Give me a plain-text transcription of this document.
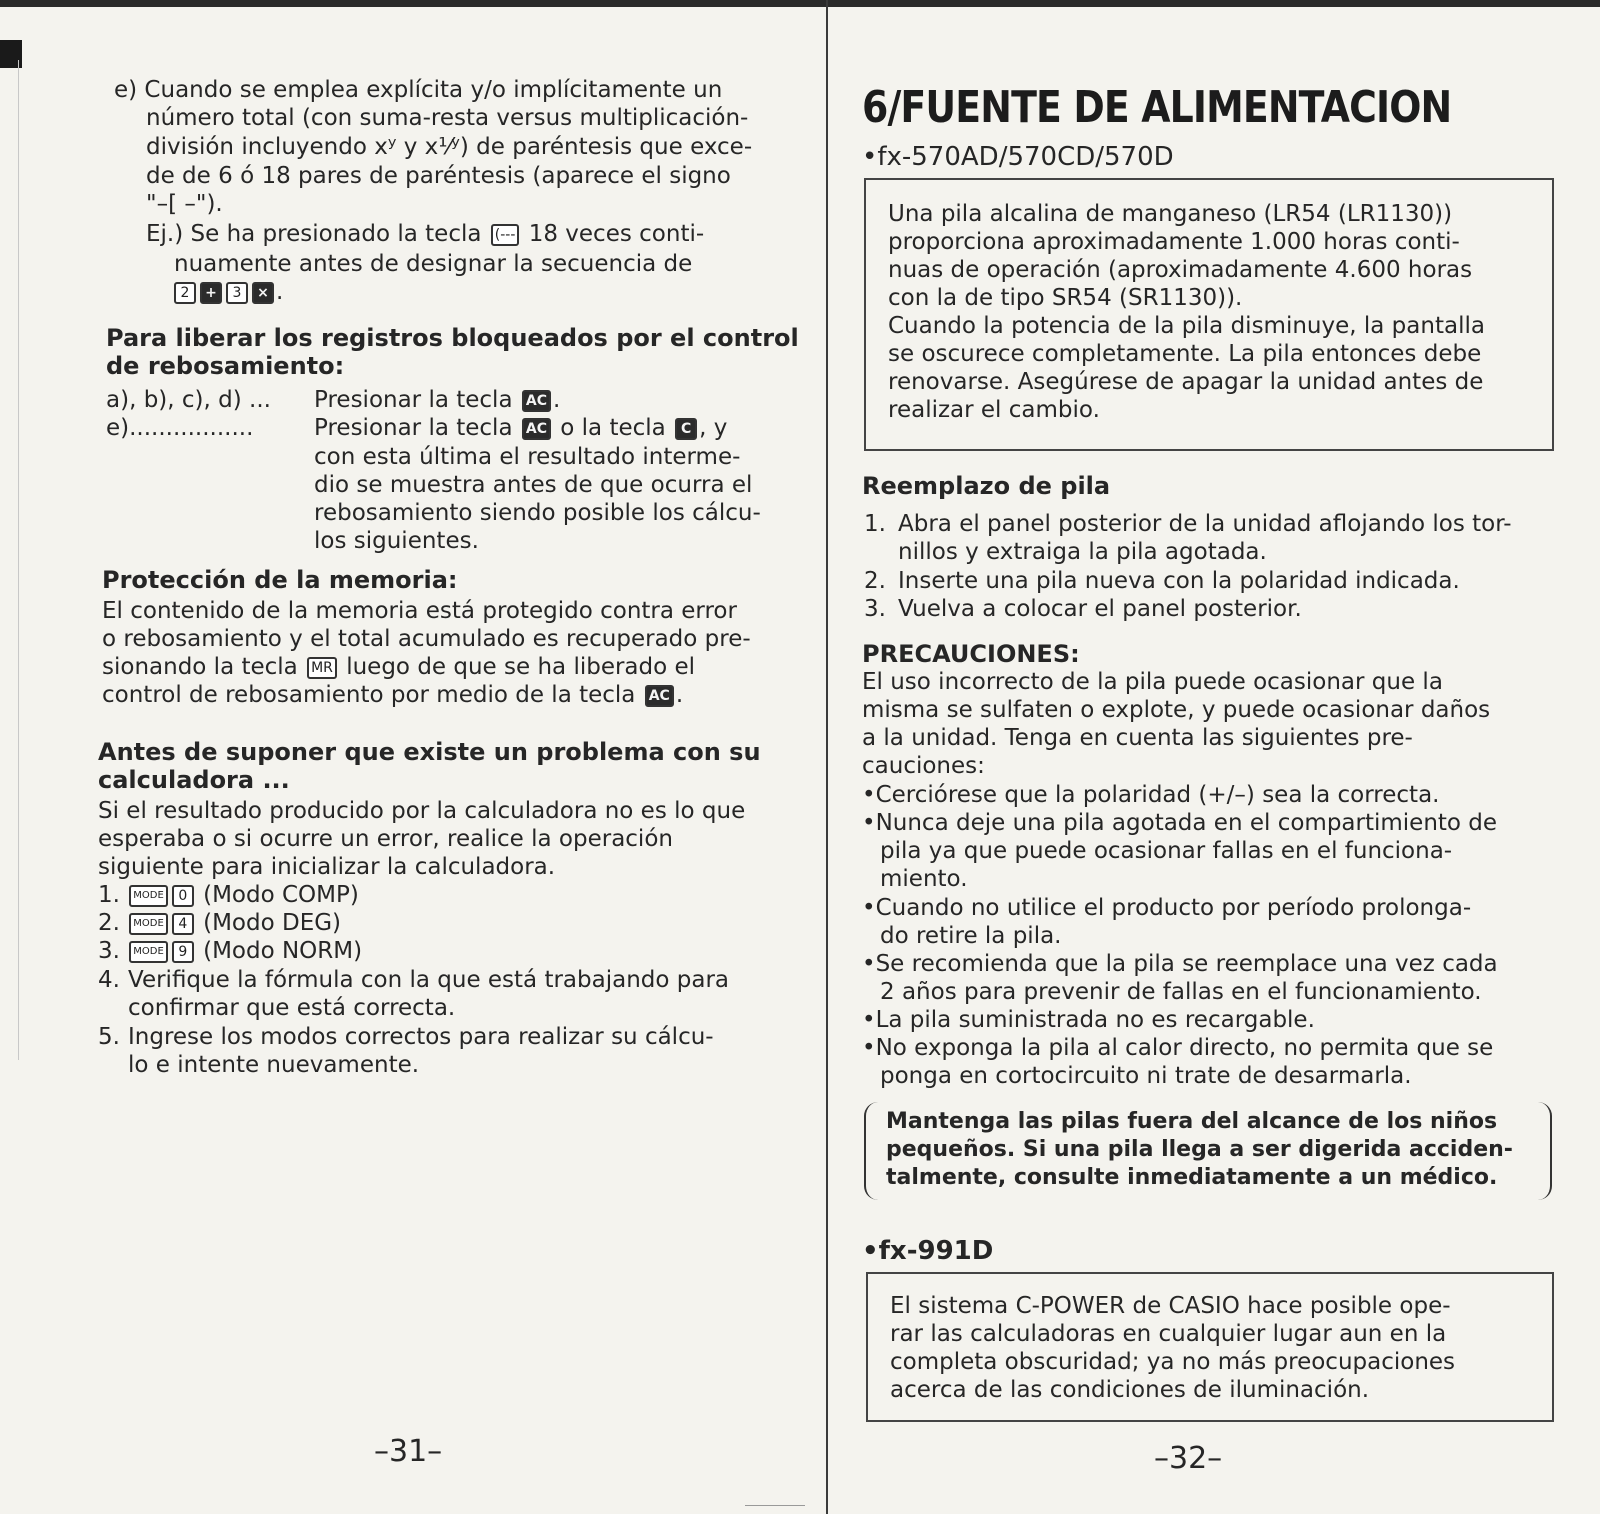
e) Cuando se emplea explícita y/o implícitamente un
número total (con suma-resta versus multiplicación-
división incluyendo xʸ y x¹⁄ʸ) de paréntesis que exce-
de de 6 ó 18 pares de paréntesis (aparece el signo
"–[ –").
Ej.) Se ha presionado la tecla (--- 18 veces conti-
nuamente antes de designar la secuencia de
2 + 3 × .
Para liberar los registros bloqueados por el control
de rebosamiento:
a), b), c), d) ... Presionar la tecla AC .
e).................	Presionar la tecla AC o la tecla C , y
con esta última el resultado interme-
dio se muestra antes de que ocurra el
rebosamiento siendo posible los cálcu-
los siguientes.
Protección de la memoria:
El contenido de la memoria está protegido contra error
o rebosamiento y el total acumulado es recuperado pre-
sionando la tecla MR luego de que se ha liberado el
control de rebosamiento por medio de la tecla AC .
Antes de suponer que existe un problema con su
calculadora ...
Si el resultado producido por la calculadora no es lo que
esperaba o si ocurre un error, realice la operación
siguiente para inicializar la calculadora.
1. MODE 0 (Modo COMP)
2. MODE 4 (Modo DEG)
3. MODE 9 (Modo NORM)
4. Verifique la fórmula con la que está trabajando para
confirmar que está correcta.
5. Ingrese los modos correctos para realizar su cálcu-
lo e intente nuevamente.
–31–
6/FUENTE DE ALIMENTACION
•fx-570AD/570CD/570D
Una pila alcalina de manganeso (LR54 (LR1130))
proporciona aproximadamente 1.000 horas conti-
nuas de operación (aproximadamente 4.600 horas
con la de tipo SR54 (SR1130)).
Cuando la potencia de la pila disminuye, la pantalla
se oscurece completamente. La pila entonces debe
renovarse. Asegúrese de apagar la unidad antes de
realizar el cambio.
Reemplazo de pila
1. Abra el panel posterior de la unidad aflojando los tor-
nillos y extraiga la pila agotada.
2. Inserte una pila nueva con la polaridad indicada.
3. Vuelva a colocar el panel posterior.
PRECAUCIONES:
El uso incorrecto de la pila puede ocasionar que la
misma se sulfaten o explote, y puede ocasionar daños
a la unidad. Tenga en cuenta las siguientes pre-
cauciones:
•Cerciórese que la polaridad (+/–) sea la correcta.
•Nunca deje una pila agotada en el compartimiento de
pila ya que puede ocasionar fallas en el funciona-
miento.
•Cuando no utilice el producto por período prolonga-
do retire la pila.
•Se recomienda que la pila se reemplace una vez cada
2 años para prevenir de fallas en el funcionamiento.
•La pila suministrada no es recargable.
•No exponga la pila al calor directo, no permita que se
ponga en cortocircuito ni trate de desarmarla.
Mantenga las pilas fuera del alcance de los niños
pequeños. Si una pila llega a ser digerida acciden-
talmente, consulte inmediatamente a un médico.
•fx-991D
El sistema C-POWER de CASIO hace posible ope-
rar las calculadoras en cualquier lugar aun en la
completa obscuridad; ya no más preocupaciones
acerca de las condiciones de iluminación.
–32–
